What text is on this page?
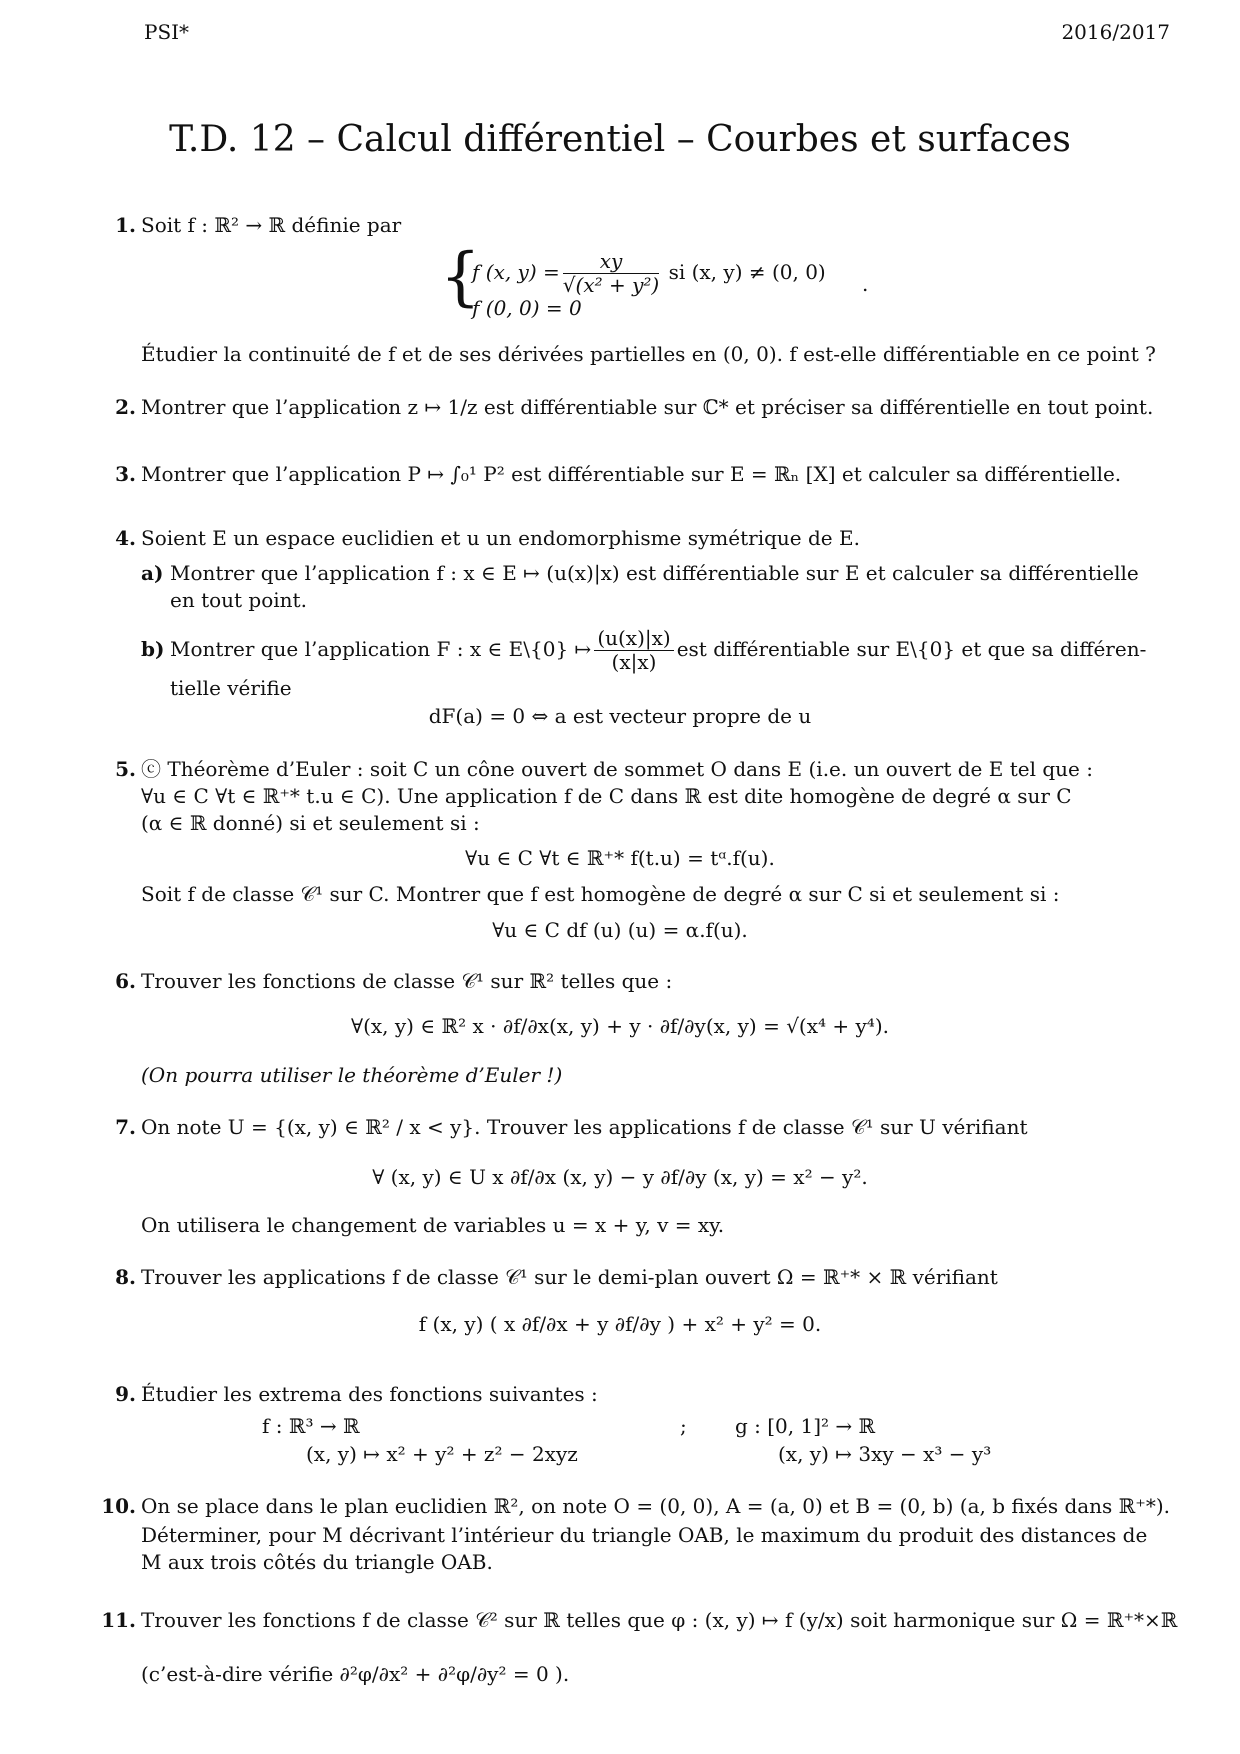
PSI*	2016/2017
T.D. 12 – Calcul différentiel – Courbes et surfaces
1. Soit f : ℝ² → ℝ définie par
{
f (x, $y) = \frac{xy}{\text{√(x² + y²)}}$ si (x, y) ≠ (0, 0)
f (0, 0) = 0
.
Étudier la continuité de f et de ses dérivées partielles en (0, 0). f est-elle différentiable en ce point ?
2. Montrer que l’application z ↦ 1/z est différentiable sur ℂ* et préciser sa différentielle en tout point.
3. Montrer que l’application P ↦ ∫₀¹ P² est différentiable sur E = ℝₙ [X] et calculer sa différentielle.
4. Soient E un espace euclidien et u un endomorphisme symétrique de E.
a) Montrer que l’application f : x ∈ E ↦ (u(x)|x) est différentiable sur E et calculer sa différentielle
en tout point.
b) Montrer que l’application F : x ∈ E\{0} ↦ $\frac{(u(x)|x)}{(x|x)}$ est différentiable sur E\{0} et que sa différen-
tielle vérifie
dF(a) = 0 ⇔ a est vecteur propre de u
5. ⓒ Théorème d’Euler : soit C un cône ouvert de sommet O dans E (i.e. un ouvert de E tel que :
∀u ∈ C ∀t ∈ ℝ⁺* t.u ∈ C). Une application f de C dans ℝ est dite homogène de degré α sur C
(α ∈ ℝ donné) si et seulement si :
∀u ∈ C ∀t ∈ ℝ⁺* f(t.u) = tᵅ.f(u).
Soit f de classe 𝒞¹ sur C. Montrer que f est homogène de degré α sur C si et seulement si :
∀u ∈ C df (u) (u) = α.f(u).
6. Trouver les fonctions de classe 𝒞¹ sur ℝ² telles que :
∀(x, y) ∈ ℝ² x · ∂f/∂x(x, y) + y · ∂f/∂y(x, y) = √(x⁴ + y⁴).
(On pourra utiliser le théorème d’Euler !)
7. On note U = {(x, y) ∈ ℝ² / x < y}. Trouver les applications f de classe 𝒞¹ sur U vérifiant
∀ (x, y) ∈ U x ∂f/∂x (x, y) − y ∂f/∂y (x, y) = x² − y².
On utilisera le changement de variables u = x + y, v = xy.
8. Trouver les applications f de classe 𝒞¹ sur le demi-plan ouvert Ω = ℝ⁺* × ℝ vérifiant
f (x, y) ( x ∂f/∂x + y ∂f/∂y ) + x² + y² = 0.
9. Étudier les extrema des fonctions suivantes :
f : ℝ³ → ℝ
(x, y) ↦ x² + y² + z² − 2xyz
; g : [0, 1]² → ℝ
(x, y) ↦ 3xy − x³ − y³
10. On se place dans le plan euclidien ℝ², on note O = (0, 0), A = (a, 0) et B = (0, b) (a, b fixés dans ℝ⁺*).
Déterminer, pour M décrivant l’intérieur du triangle OAB, le maximum du produit des distances de
M aux trois côtés du triangle OAB.
11. Trouver les fonctions f de classe 𝒞² sur ℝ telles que φ : (x, y) ↦ f (y/x) soit harmonique sur Ω = ℝ⁺*×ℝ
(c’est-à-dire vérifie ∂²φ/∂x² + ∂²φ/∂y² = 0 ).
